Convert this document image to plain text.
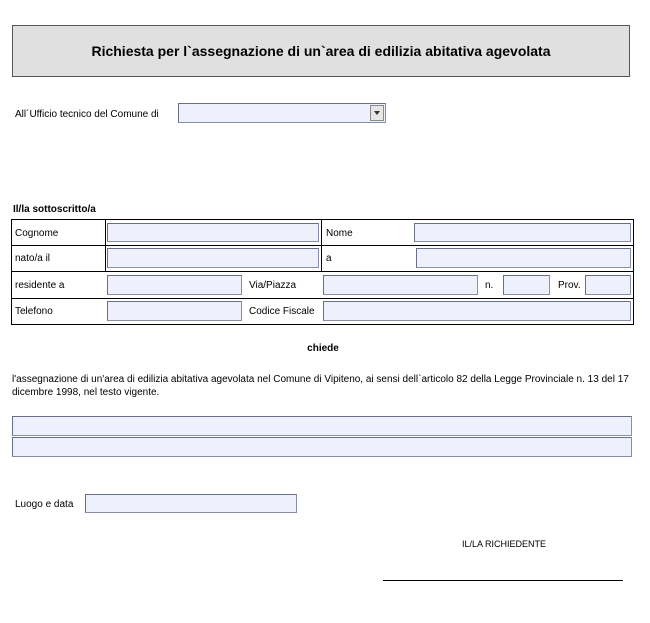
Richiesta per l`assegnazione di un`area di edilizia abitativa agevolata
All´Ufficio tecnico del Comune di
Il/la sottoscritto/a
Cognome	Nome
nato/a il	a
residente a	Via/Piazza	n.	Prov.
Telefono	Codice Fiscale
chiede
l'assegnazione di un'area di edilizia abitativa agevolata nel Comune di Vipiteno, ai sensi dell`articolo 82 della Legge Provinciale n. 13 del 17 dicembre 1998, nel testo vigente.
Luogo e data
IL/LA RICHIEDENTE
